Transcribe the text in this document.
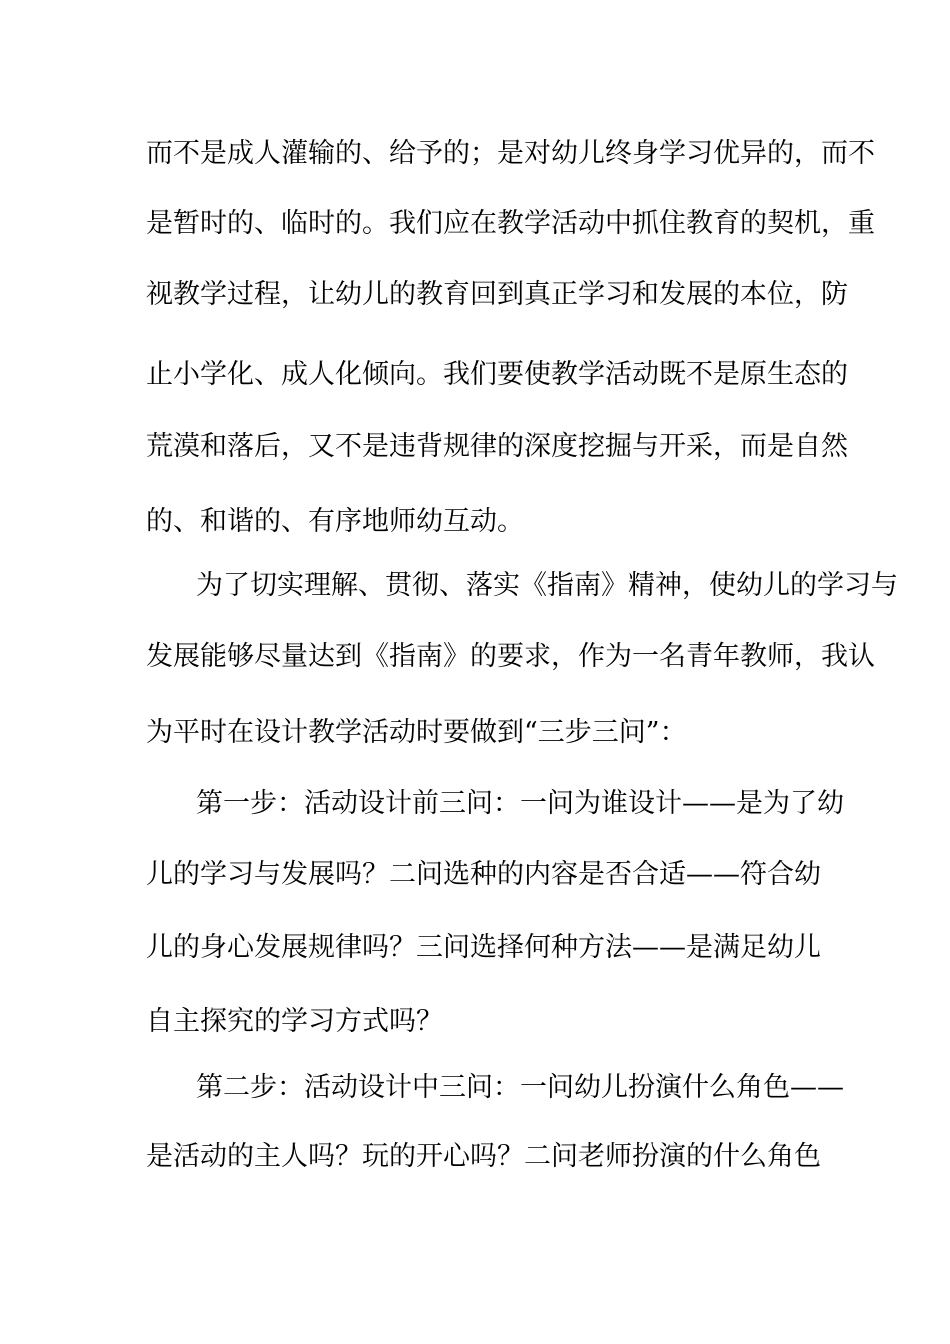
而不是成人灌输的、给予的；是对幼儿终身学习优异的，而不
是暂时的、临时的。我们应在教学活动中抓住教育的契机，重
视教学过程，让幼儿的教育回到真正学习和发展的本位，防
止小学化、成人化倾向。我们要使教学活动既不是原生态的
荒漠和落后，又不是违背规律的深度挖掘与开采，而是自然
的、和谐的、有序地师幼互动。
为了切实理解、贯彻、落实《指南》精神，使幼儿的学习与
发展能够尽量达到《指南》的要求，作为一名青年教师，我认
为平时在设计教学活动时要做到“三步三问”：
第一步：活动设计前三问：一问为谁设计——是为了幼
儿的学习与发展吗？二问选种的内容是否合适——符合幼
儿的身心发展规律吗？三问选择何种方法——是满足幼儿
自主探究的学习方式吗？
第二步：活动设计中三问：一问幼儿扮演什么角色——
是活动的主人吗？玩的开心吗？二问老师扮演的什么角色
